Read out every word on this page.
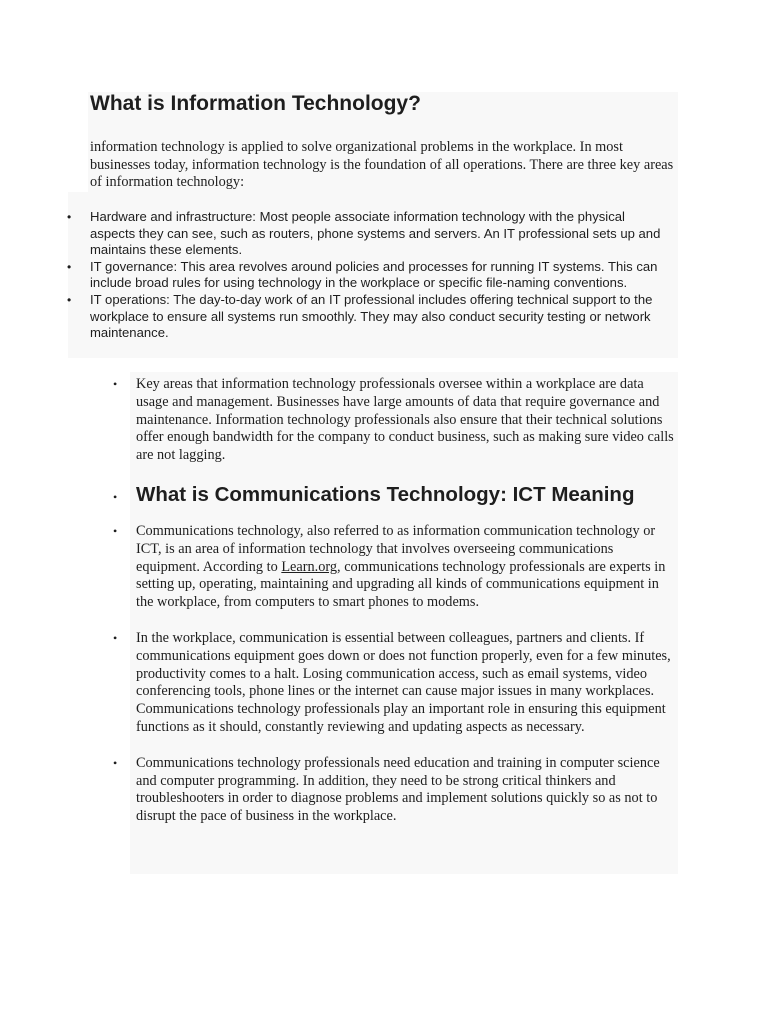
What is Information Technology?

information technology is applied to solve organizational problems in the workplace. In most businesses today, information technology is the foundation of all operations. There are three key areas of information technology:

• Hardware and infrastructure: Most people associate information technology with the physical aspects they can see, such as routers, phone systems and servers. An IT professional sets up and maintains these elements.
• IT governance: This area revolves around policies and processes for running IT systems. This can include broad rules for using technology in the workplace or specific file-naming conventions.
• IT operations: The day-to-day work of an IT professional includes offering technical support to the workplace to ensure all systems run smoothly. They may also conduct security testing or network maintenance.
• Key areas that information technology professionals oversee within a workplace are data usage and management. Businesses have large amounts of data that require governance and maintenance. Information technology professionals also ensure that their technical solutions offer enough bandwidth for the company to conduct business, such as making sure video calls are not lagging.
• What is Communications Technology: ICT Meaning
• Communications technology, also referred to as information communication technology or ICT, is an area of information technology that involves overseeing communications equipment. According to Learn.org, communications technology professionals are experts in setting up, operating, maintaining and upgrading all kinds of communications equipment in the workplace, from computers to smart phones to modems.
• In the workplace, communication is essential between colleagues, partners and clients. If communications equipment goes down or does not function properly, even for a few minutes, productivity comes to a halt. Losing communication access, such as email systems, video conferencing tools, phone lines or the internet can cause major issues in many workplaces. Communications technology professionals play an important role in ensuring this equipment functions as it should, constantly reviewing and updating aspects as necessary.
• Communications technology professionals need education and training in computer science and computer programming. In addition, they need to be strong critical thinkers and troubleshooters in order to diagnose problems and implement solutions quickly so as not to disrupt the pace of business in the workplace.
